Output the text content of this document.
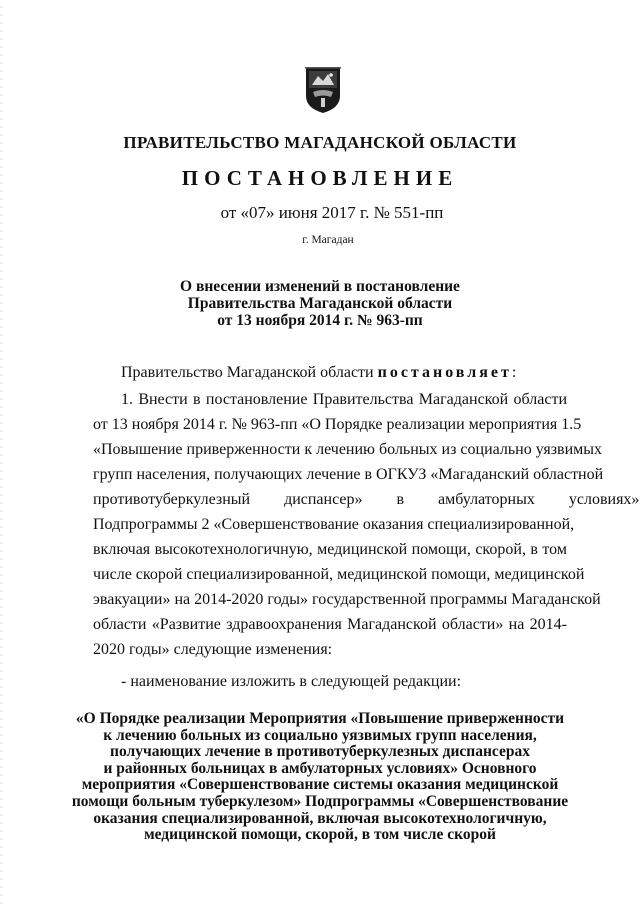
ПРАВИТЕЛЬСТВО МАГАДАНСКОЙ ОБЛАСТИ
ПОСТАНОВЛЕНИЕ
от «07» июня 2017 г. № 551-пп
г. Магадан
О внесении изменений в постановление
Правительства Магаданской области
от 13 ноября 2014 г. № 963-пп
Правительство Магаданской области постановляет:
1. Внести в постановление Правительства Магаданской области
от 13 ноября 2014 г. № 963-пп «О Порядке реализации мероприятия 1.5
«Повышение приверженности к лечению больных из социально уязвимых
групп населения, получающих лечение в ОГКУЗ «Магаданский областной
противотуберкулезный диспансер» в амбулаторных условиях»
Подпрограммы 2 «Совершенствование оказания специализированной,
включая высокотехнологичную, медицинской помощи, скорой, в том
числе скорой специализированной, медицинской помощи, медицинской
эвакуации» на 2014-2020 годы» государственной программы Магаданской
области «Развитие здравоохранения Магаданской области» на 2014-
2020 годы» следующие изменения:
- наименование изложить в следующей редакции:
«О Порядке реализации Мероприятия «Повышение приверженности
к лечению больных из социально уязвимых групп населения,
получающих лечение в противотуберкулезных диспансерах
и районных больницах в амбулаторных условиях» Основного
мероприятия «Совершенствование системы оказания медицинской
помощи больным туберкулезом» Подпрограммы «Совершенствование
оказания специализированной, включая высокотехнологичную,
медицинской помощи, скорой, в том числе скорой
